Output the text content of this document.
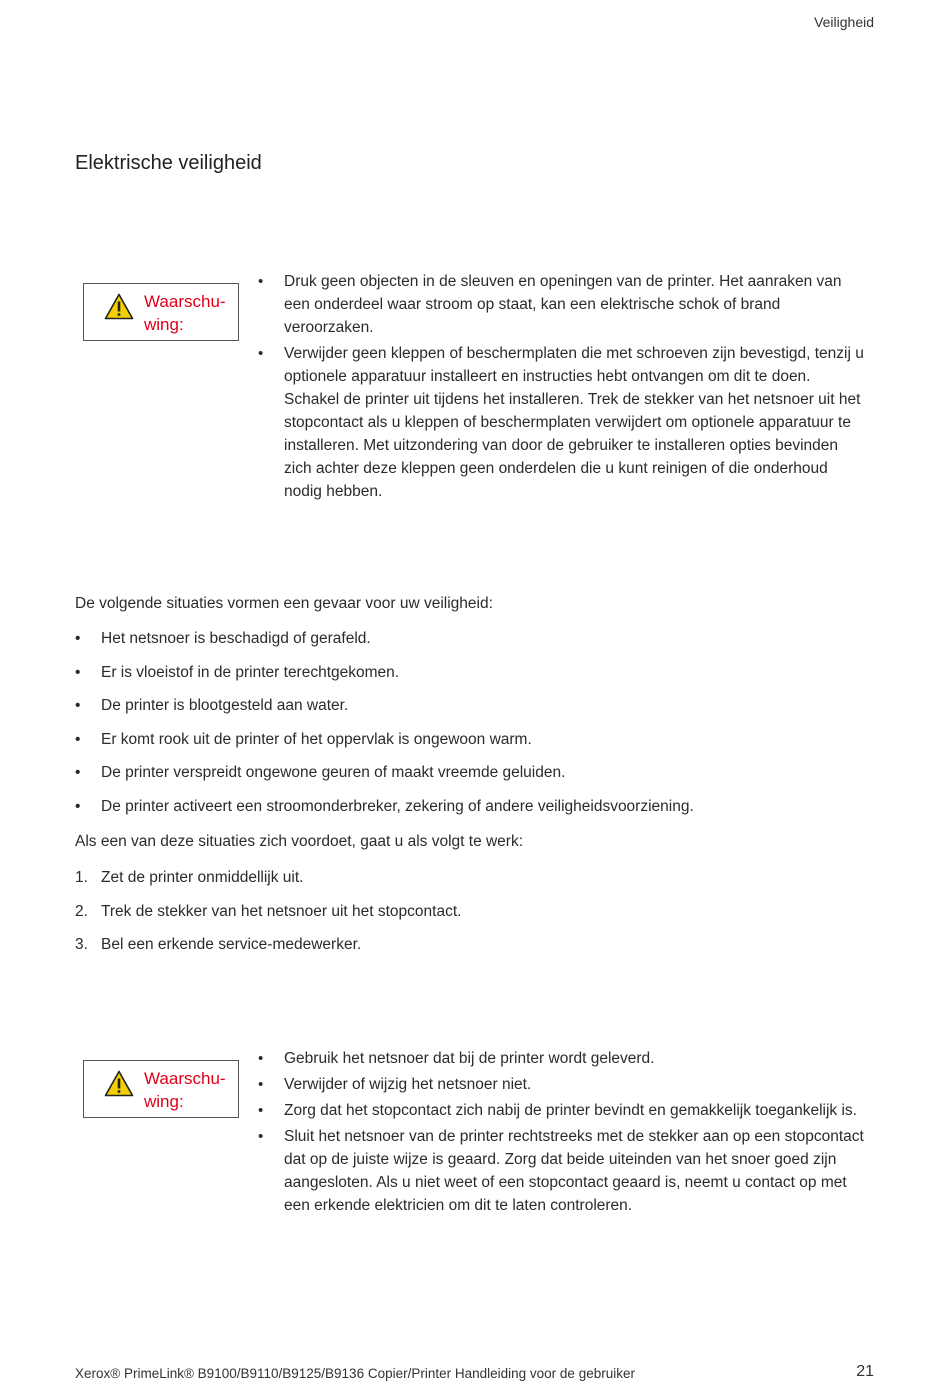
Veiligheid
Elektrische veiligheid
Waarschu-
wing:
• Druk geen objecten in de sleuven en openingen van de printer. Het aanraken van een onderdeel waar stroom op staat, kan een elektrische schok of brand veroorzaken.
• Verwijder geen kleppen of beschermplaten die met schroeven zijn bevestigd, tenzij u optionele apparatuur installeert en instructies hebt ontvangen om dit te doen. Schakel de printer uit tijdens het installeren. Trek de stekker van het netsnoer uit het stopcontact als u kleppen of beschermplaten verwijdert om optionele apparatuur te installeren. Met uitzondering van door de gebruiker te installeren opties bevinden zich achter deze kleppen geen onderdelen die u kunt reinigen of die onderhoud nodig hebben.

De volgende situaties vormen een gevaar voor uw veiligheid:

• Het netsnoer is beschadigd of gerafeld.
• Er is vloeistof in de printer terechtgekomen.
• De printer is blootgesteld aan water.
• Er komt rook uit de printer of het oppervlak is ongewoon warm.
• De printer verspreidt ongewone geuren of maakt vreemde geluiden.
• De printer activeert een stroomonderbreker, zekering of andere veiligheidsvoorziening.

Als een van deze situaties zich voordoet, gaat u als volgt te werk:

1. Zet de printer onmiddellijk uit.
2. Trek de stekker van het netsnoer uit het stopcontact.
3. Bel een erkende service-medewerker.
Waarschu-
wing:
• Gebruik het netsnoer dat bij de printer wordt geleverd.
• Verwijder of wijzig het netsnoer niet.
• Zorg dat het stopcontact zich nabij de printer bevindt en gemakkelijk toegankelijk is.
• Sluit het netsnoer van de printer rechtstreeks met de stekker aan op een stopcontact dat op de juiste wijze is geaard. Zorg dat beide uiteinden van het snoer goed zijn aangesloten. Als u niet weet of een stopcontact geaard is, neemt u contact op met een erkende elektricien om dit te laten controleren.
Xerox® PrimeLink® B9100/B9110/B9125/B9136 Copier/Printer Handleiding voor de gebruiker	21
